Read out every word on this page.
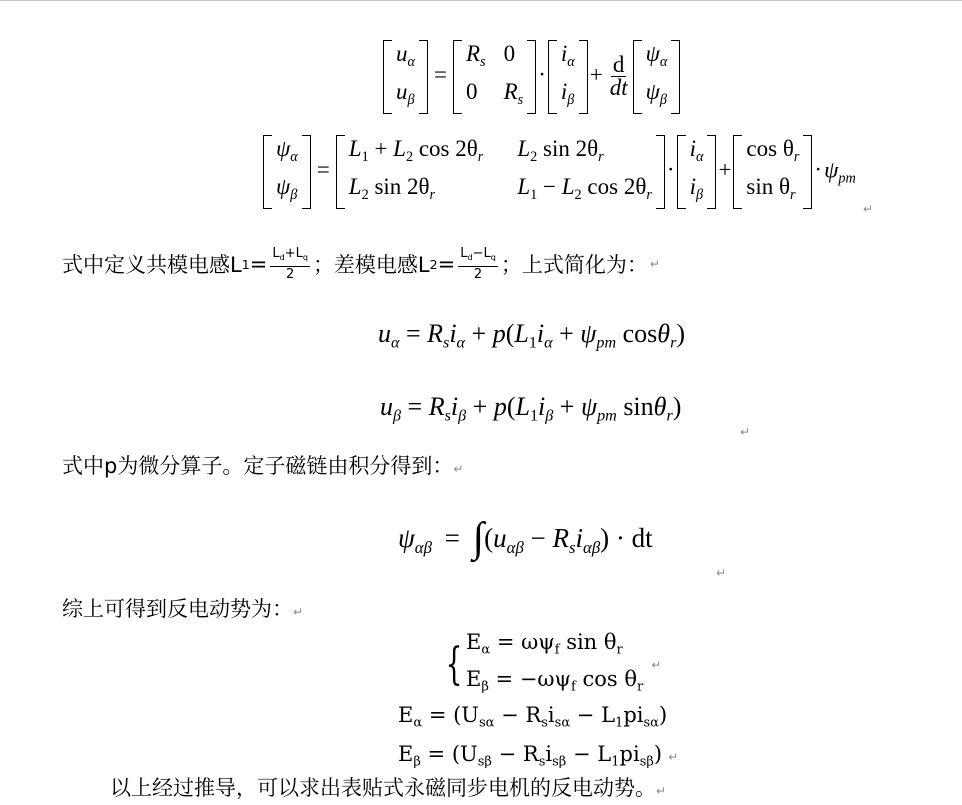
$u_\alpha$
$u_\beta$
=
$R_s$ 0
0	$R_s$
·
$i_\alpha$
$i_\beta$
+ $\frac{d}{dt}$
$\psi_\alpha$
$\psi_\beta$
$\psi_\alpha$
$\psi_\beta$
=
$L_1 + L_2$ $\cos 2\theta_r$ $L_2$ $\sin 2\theta_r$
$L_2$ $\sin 2\theta_r$	$L_1 - L_2$ $\cos 2\theta_r$
·
$i_\alpha$
$i_\beta$
+
$\cos \theta_r$
$\sin \theta_r$
$\cdot\psi_{pm}$
↵
式中定义共模电感L $1 = \frac{L_d+L_q}{2}$ ；差模电感L $2 = \frac{L_d-L_q}{2}$ ；上式简化为： ↵
$u_\alpha = R_si_\alpha + p(L_1i_\alpha + \psi_{pm}$ cosθ$_r$)
$u_\beta = R_si_\beta + p(L_1i_\beta + \psi_{pm}$ sinθ$_r$)
↵
式中p为微分算子。定子磁链由积分得到：↵
$\psi_{\alpha\beta} = \int(u_{\alpha\beta} - R_si_{\alpha\beta})$ · dt
↵
综上可得到反电动势为：↵
{ $E_\alpha = \omega\psi_f$ $\sin \theta_r$
$E_\beta = -\omega\psi_f$ $\cos \theta_r$
↵
$E_\alpha = (U_{s\alpha} - R_si_{s\alpha} - L_1pi_{s\alpha})$
$E_\beta = (U_{s\beta} - R_si_{s\beta} - L_1pi_{s\beta})$ ↵
以上经过推导，可以求出表贴式永磁同步电机的反电动势。↵
